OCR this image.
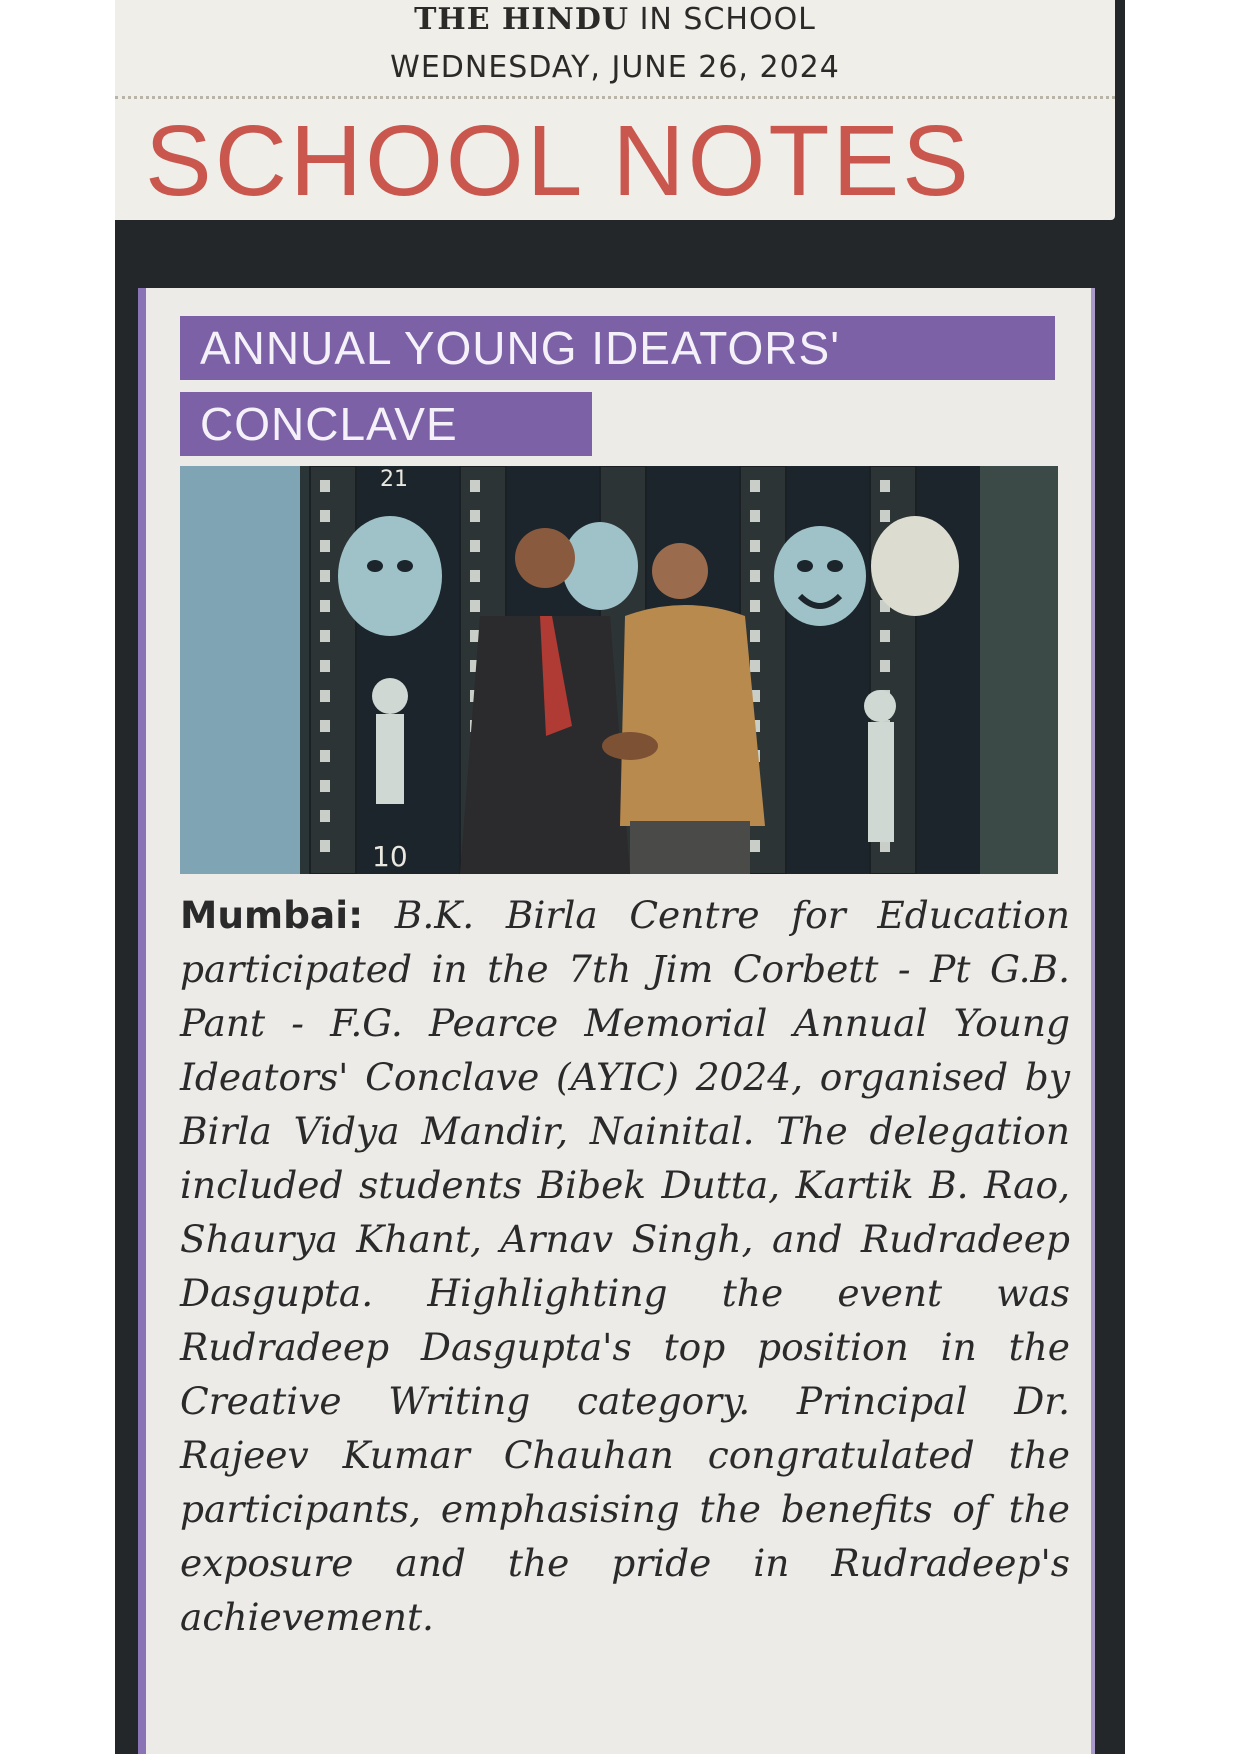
THE HINDU IN SCHOOL
WEDNESDAY, JUNE 26, 2024
SCHOOL NOTES
ANNUAL YOUNG IDEATORS'
CONCLAVE
21
10
Mumbai: B.K. Birla Centre for Education participated in the 7th Jim Corbett - Pt G.B. Pant - F.G. Pearce Memorial Annual Young Ideators' Conclave (AYIC) 2024, organised by Birla Vidya Mandir, Nainital. The delegation included students Bibek Dutta, Kartik B. Rao, Shaurya Khant, Arnav Singh, and Rudradeep Dasgupta. Highlighting the event was Rudradeep Dasgupta's top position in the Creative Writing category. Principal Dr. Rajeev Kumar Chauhan congratulated the participants, emphasising the benefits of the exposure and the pride in Rudradeep's achievement.
